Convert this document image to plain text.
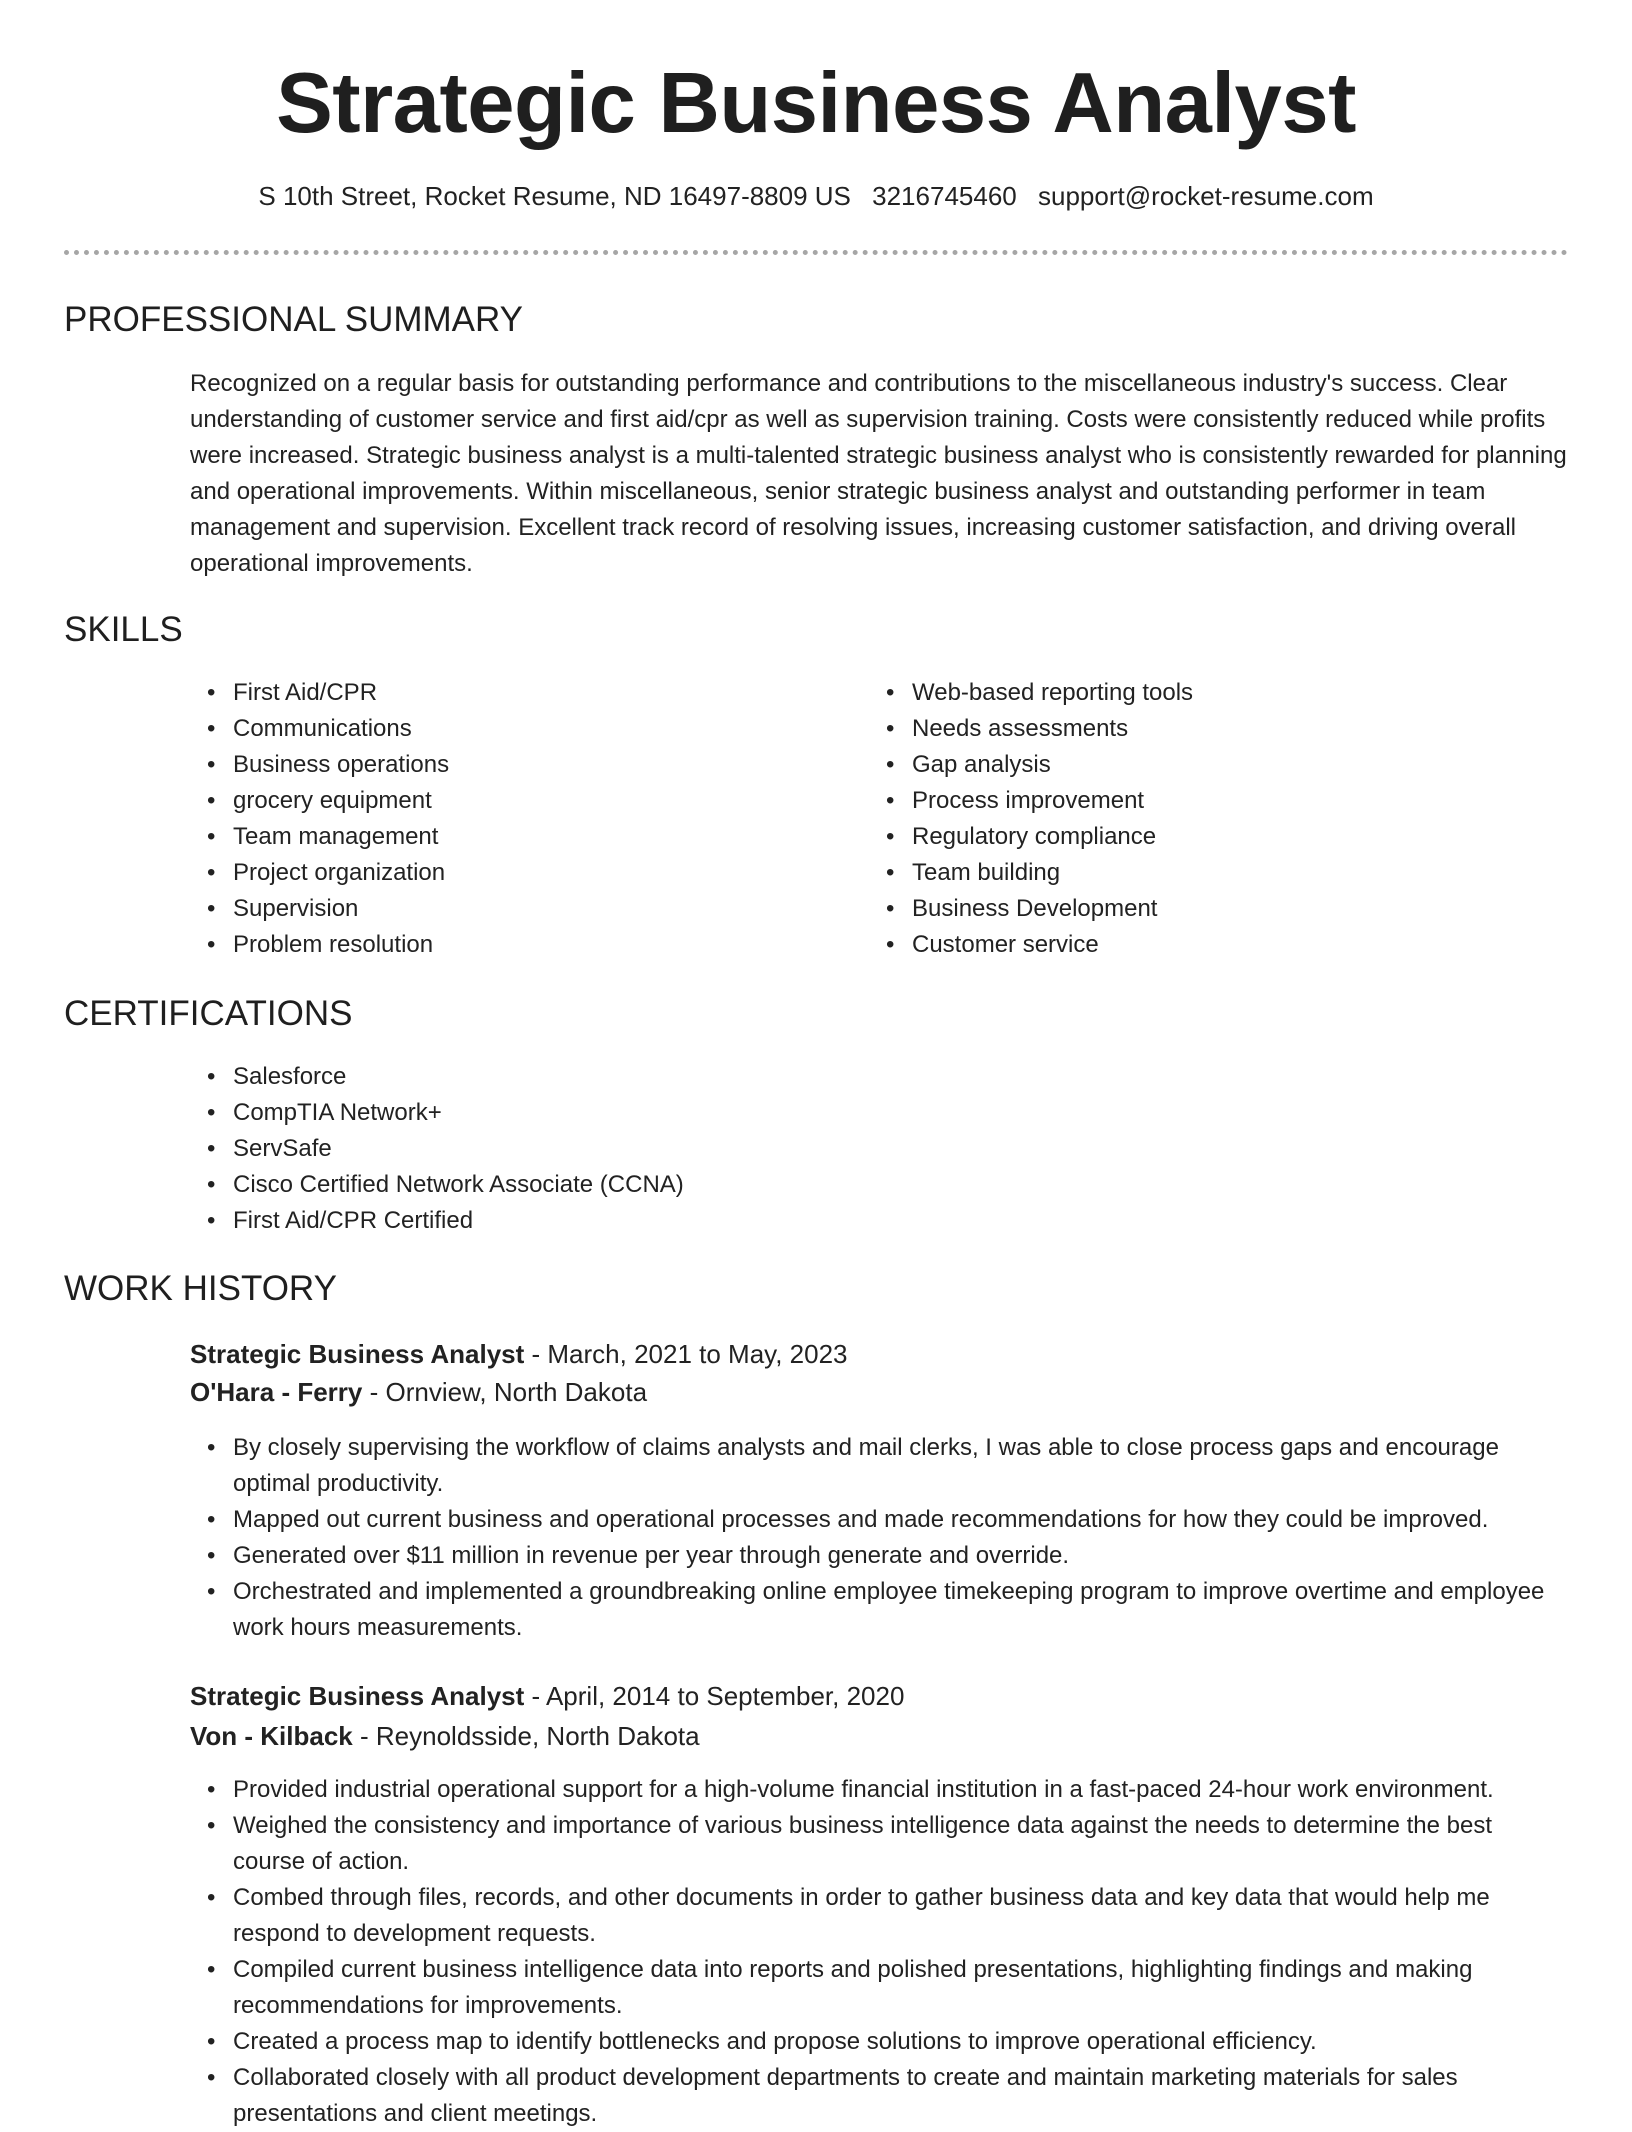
Strategic Business Analyst
S 10th Street, Rocket Resume, ND 16497-8809 US 3216745460 support@rocket-resume.com
PROFESSIONAL SUMMARY

Recognized on a regular basis for outstanding performance and contributions to the miscellaneous industry's success. Clear understanding of customer service and first aid/cpr as well as supervision training. Costs were consistently reduced while profits were increased. Strategic business analyst is a multi-talented strategic business analyst who is consistently rewarded for planning and operational improvements. Within miscellaneous, senior strategic business analyst and outstanding performer in team management and supervision. Excellent track record of resolving issues, increasing customer satisfaction, and driving overall operational improvements.

SKILLS
• First Aid/CPR
• Communications
• Business operations
• grocery equipment
• Team management
• Project organization
• Supervision
• Problem resolution
• Web-based reporting tools
• Needs assessments
• Gap analysis
• Process improvement
• Regulatory compliance
• Team building
• Business Development
• Customer service
CERTIFICATIONS
• Salesforce
• CompTIA Network+
• ServSafe
• Cisco Certified Network Associate (CCNA)
• First Aid/CPR Certified
WORK HISTORY
Strategic Business Analyst - March, 2021 to May, 2023
O'Hara - Ferry - Ornview, North Dakota
• By closely supervising the workflow of claims analysts and mail clerks, I was able to close process gaps and encourage optimal productivity.
• Mapped out current business and operational processes and made recommendations for how they could be improved.
• Generated over $11 million in revenue per year through generate and override.
• Orchestrated and implemented a groundbreaking online employee timekeeping program to improve overtime and employee work hours measurements.
Strategic Business Analyst - April, 2014 to September, 2020
Von - Kilback - Reynoldsside, North Dakota
• Provided industrial operational support for a high-volume financial institution in a fast-paced 24-hour work environment.
• Weighed the consistency and importance of various business intelligence data against the needs to determine the best course of action.
• Combed through files, records, and other documents in order to gather business data and key data that would help me respond to development requests.
• Compiled current business intelligence data into reports and polished presentations, highlighting findings and making recommendations for improvements.
• Created a process map to identify bottlenecks and propose solutions to improve operational efficiency.
• Collaborated closely with all product development departments to create and maintain marketing materials for sales presentations and client meetings.
